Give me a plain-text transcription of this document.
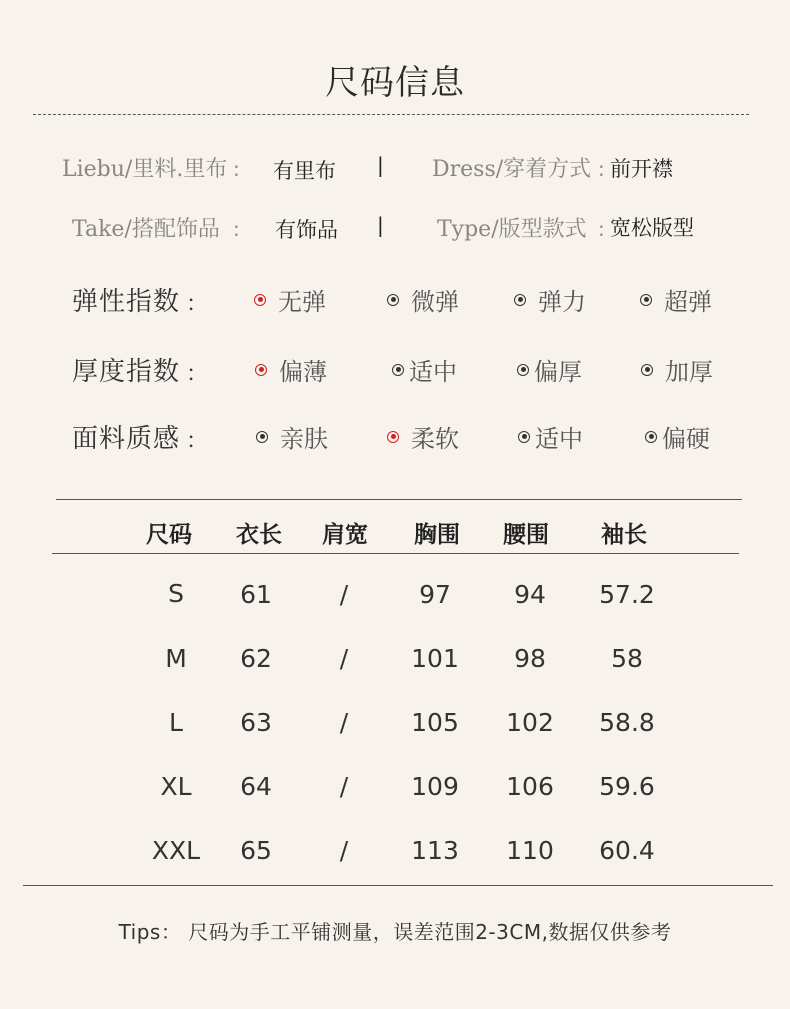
尺码信息
Liebu/里料.里布 : 有里布 | Dress/穿着方式 : 前开襟
Take/搭配饰品 : 有饰品 | Type/版型款式 : 宽松版型
弹性指数 ：	无弹	微弹	弹力	超弹
厚度指数 ：	偏薄	适中	偏厚	加厚
面料质感 ：	亲肤	柔软	适中	偏硬
尺码	衣长	肩宽	胸围	腰围	袖长
S	61	/	97	94	57.2
M	62	/	101	98	58
L	63	/	105	102	58.8
XL	64	/	109	106	59.6
XXL	65	/	113	110	60.4
Tips： 尺码为手工平铺测量，误差范围2-3CM,数据仅供参考
